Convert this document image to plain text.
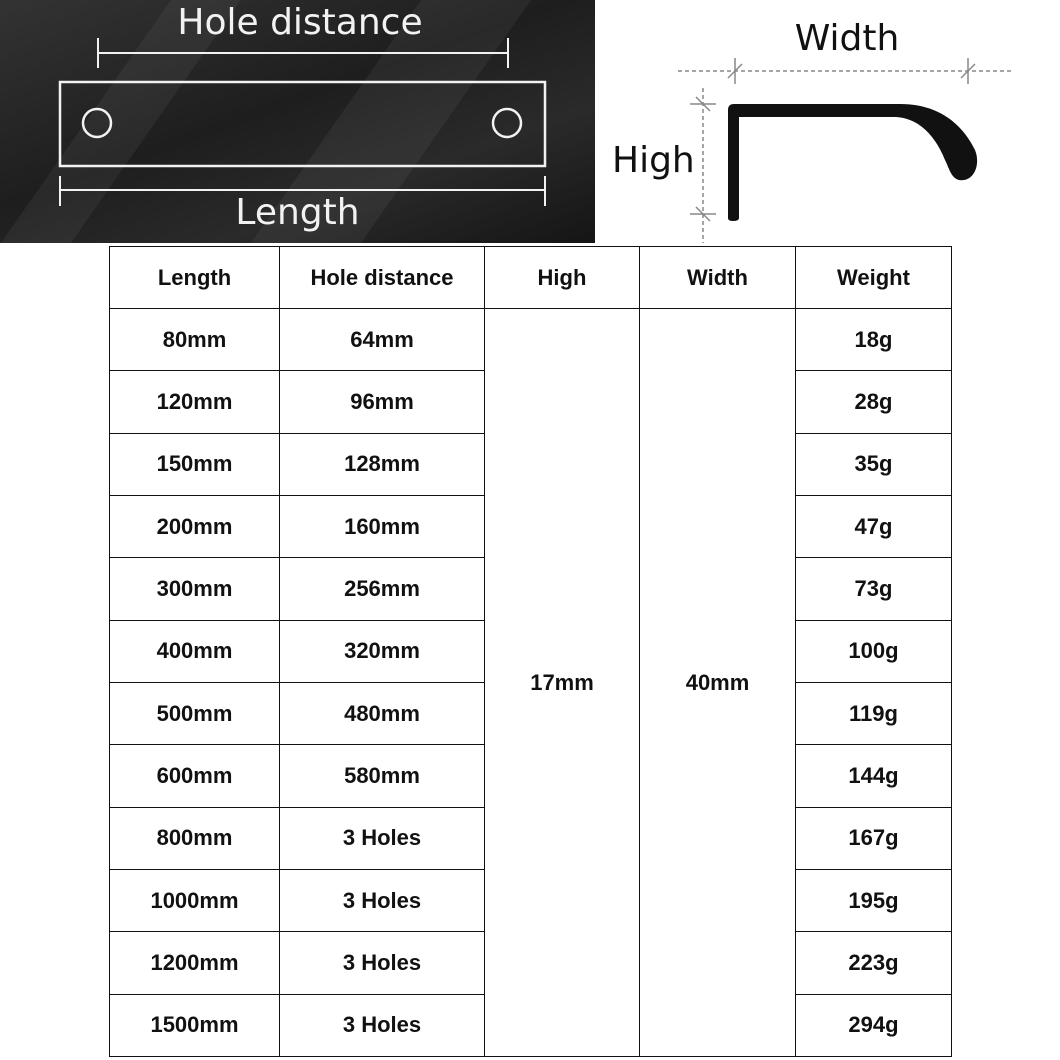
Hole distance
Length
Width
High
Length	Hole distance	High	Width	Weight
80mm	64mm	17mm	40mm	18g
120mm	96mm			28g
150mm	128mm			35g
200mm	160mm			47g
300mm	256mm			73g
400mm	320mm			100g
500mm	480mm			119g
600mm	580mm			144g
800mm	3 Holes			167g
1000mm	3 Holes			195g
1200mm	3 Holes			223g
1500mm	3 Holes			294g
